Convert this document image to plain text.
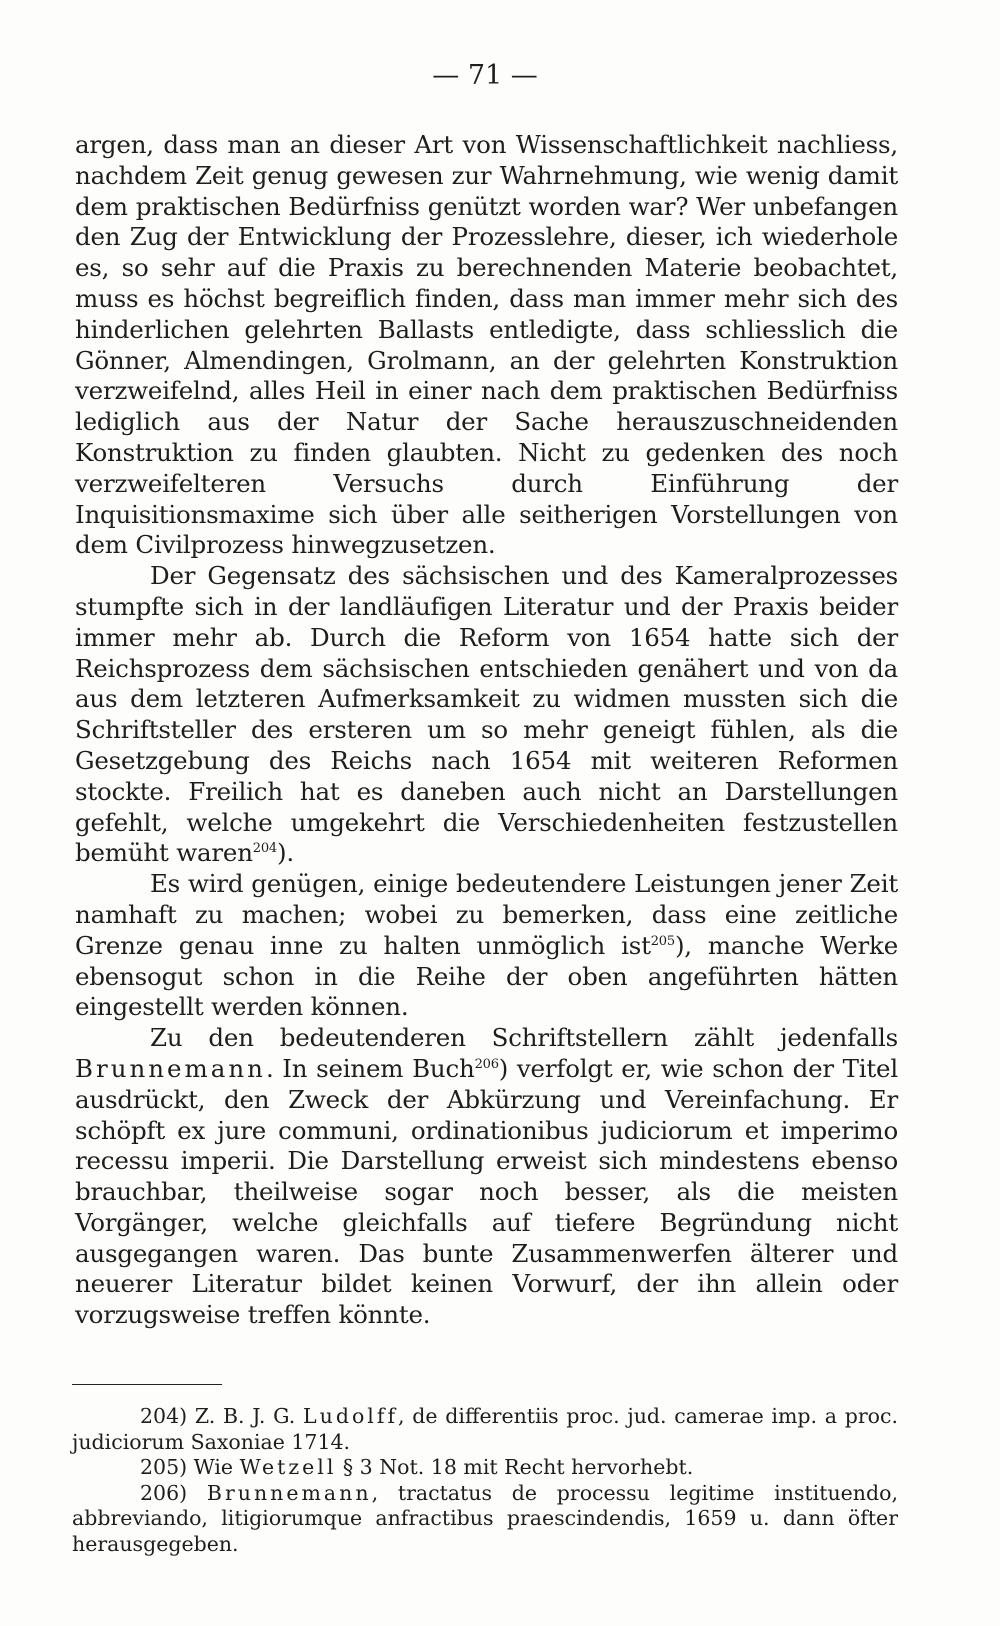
— 71 —

argen, dass man an dieser Art von Wissenschaftlichkeit nachliess, nachdem Zeit genug gewesen zur Wahrnehmung, wie wenig damit dem praktischen Bedürfniss genützt worden war? Wer unbefangen den Zug der Entwicklung der Prozesslehre, dieser, ich wiederhole es, so sehr auf die Praxis zu berechnenden Materie beobachtet, muss es höchst begreiflich finden, dass man immer mehr sich des hinderlichen gelehrten Ballasts entledigte, dass schliesslich die Gönner, Almendingen, Grolmann, an der gelehrten Konstruktion verzweifelnd, alles Heil in einer nach dem praktischen Bedürfniss lediglich aus der Natur der Sache herauszuschneidenden Konstruktion zu finden glaubten. Nicht zu gedenken des noch verzweifelteren Versuchs durch Einführung der Inquisitionsmaxime sich über alle seitherigen Vorstellungen von dem Civilprozess hinwegzusetzen.

Der Gegensatz des sächsischen und des Kameralprozesses stumpfte sich in der landläufigen Literatur und der Praxis beider immer mehr ab. Durch die Reform von 1654 hatte sich der Reichsprozess dem sächsischen entschieden genähert und von da aus dem letzteren Aufmerksamkeit zu widmen mussten sich die Schriftsteller des ersteren um so mehr geneigt fühlen, als die Gesetzgebung des Reichs nach 1654 mit weiteren Reformen stockte. Freilich hat es daneben auch nicht an Darstellungen gefehlt, welche umgekehrt die Verschiedenheiten festzustellen bemüht waren$^{204}$).

Es wird genügen, einige bedeutendere Leistungen jener Zeit namhaft zu machen; wobei zu bemerken, dass eine zeitliche Grenze genau inne zu halten unmöglich ist$^{205}$), manche Werke ebensogut schon in die Reihe der oben angeführten hätten eingestellt werden können.

Zu den bedeutenderen Schriftstellern zählt jedenfalls Brunnemann. In seinem Buch$^{206}$) verfolgt er, wie schon der Titel ausdrückt, den Zweck der Abkürzung und Vereinfachung. Er schöpft ex jure communi, ordinationibus judiciorum et imperimo recessu imperii. Die Darstellung erweist sich mindestens ebenso brauchbar, theilweise sogar noch besser, als die meisten Vorgänger, welche gleichfalls auf tiefere Begründung nicht ausgegangen waren. Das bunte Zusammenwerfen älterer und neuerer Literatur bildet keinen Vorwurf, der ihn allein oder vorzugsweise treffen könnte.

204) Z. B. J. G. Ludolff, de differentiis proc. jud. camerae imp. a proc. judiciorum Saxoniae 1714.

205) Wie Wetzell § 3 Not. 18 mit Recht hervorhebt.

206) Brunnemann, tractatus de processu legitime instituendo, abbreviando, litigiorumque anfractibus praescindendis, 1659 u. dann öfter herausgegeben.
